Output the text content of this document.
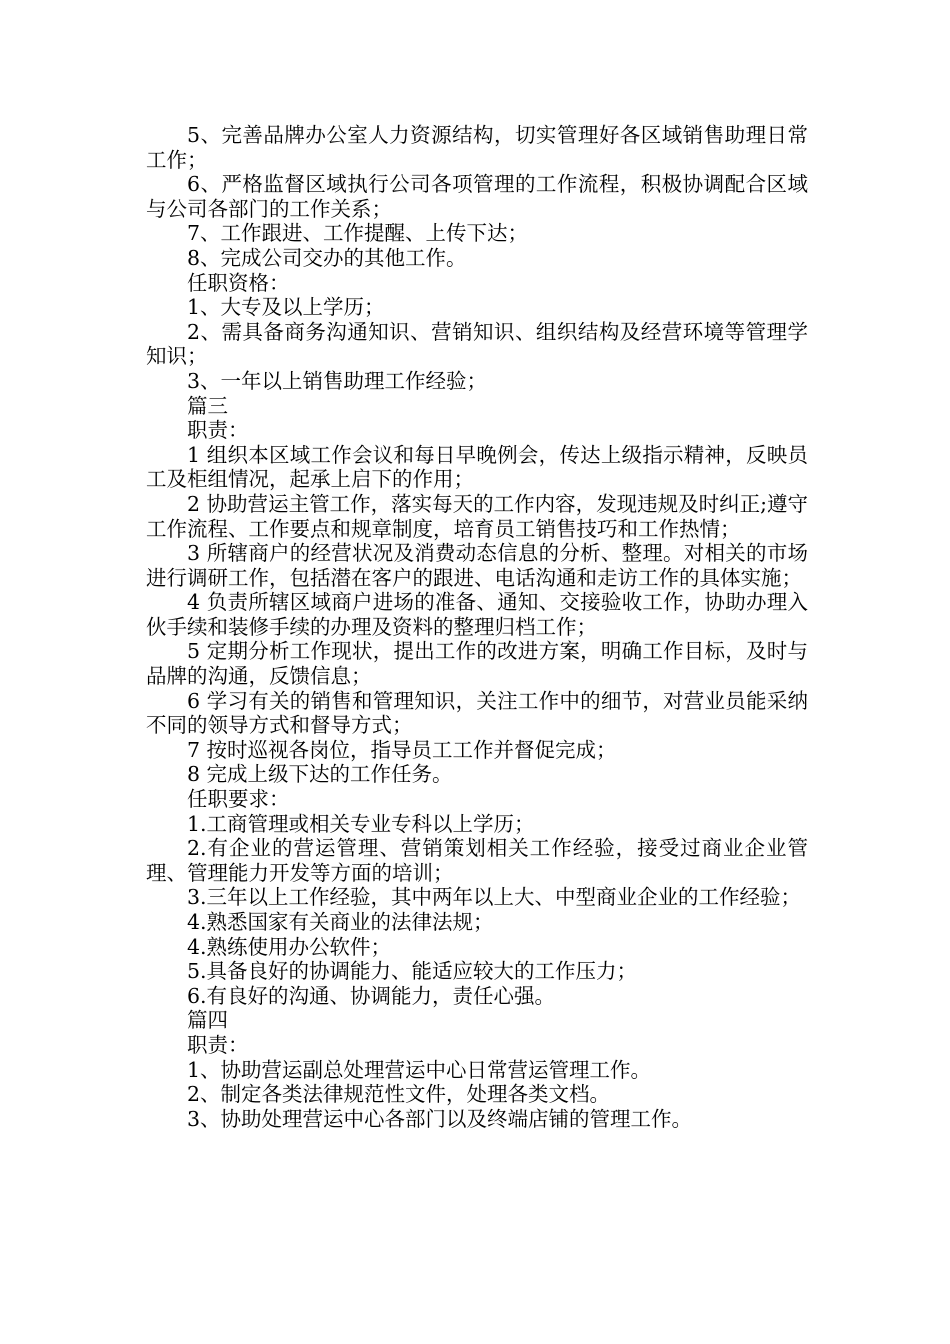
5、完善品牌办公室人力资源结构，切实管理好各区域销售助理日常工作；

6、严格监督区域执行公司各项管理的工作流程，积极协调配合区域与公司各部门的工作关系；

7、工作跟进、工作提醒、上传下达；

8、完成公司交办的其他工作。

任职资格：

1、大专及以上学历；

2、需具备商务沟通知识、营销知识、组织结构及经营环境等管理学知识；

3、一年以上销售助理工作经验；

篇三

职责：

1 组织本区域工作会议和每日早晚例会，传达上级指示精神，反映员工及柜组情况，起承上启下的作用；

2 协助营运主管工作，落实每天的工作内容，发现违规及时纠正;遵守工作流程、工作要点和规章制度，培育员工销售技巧和工作热情；

3 所辖商户的经营状况及消费动态信息的分析、整理。对相关的市场进行调研工作，包括潜在客户的跟进、电话沟通和走访工作的具体实施；

4 负责所辖区域商户进场的准备、通知、交接验收工作，协助办理入伙手续和装修手续的办理及资料的整理归档工作；

5 定期分析工作现状，提出工作的改进方案，明确工作目标，及时与品牌的沟通，反馈信息；

6 学习有关的销售和管理知识，关注工作中的细节，对营业员能采纳不同的领导方式和督导方式；

7 按时巡视各岗位，指导员工工作并督促完成；

8 完成上级下达的工作任务。

任职要求：

1.工商管理或相关专业专科以上学历；

2.有企业的营运管理、营销策划相关工作经验，接受过商业企业管理、管理能力开发等方面的培训；

3.三年以上工作经验，其中两年以上大、中型商业企业的工作经验；

4.熟悉国家有关商业的法律法规；

4.熟练使用办公软件；

5.具备良好的协调能力、能适应较大的工作压力；

6.有良好的沟通、协调能力，责任心强。

篇四

职责：

1、协助营运副总处理营运中心日常营运管理工作。

2、制定各类法律规范性文件，处理各类文档。

3、协助处理营运中心各部门以及终端店铺的管理工作。
